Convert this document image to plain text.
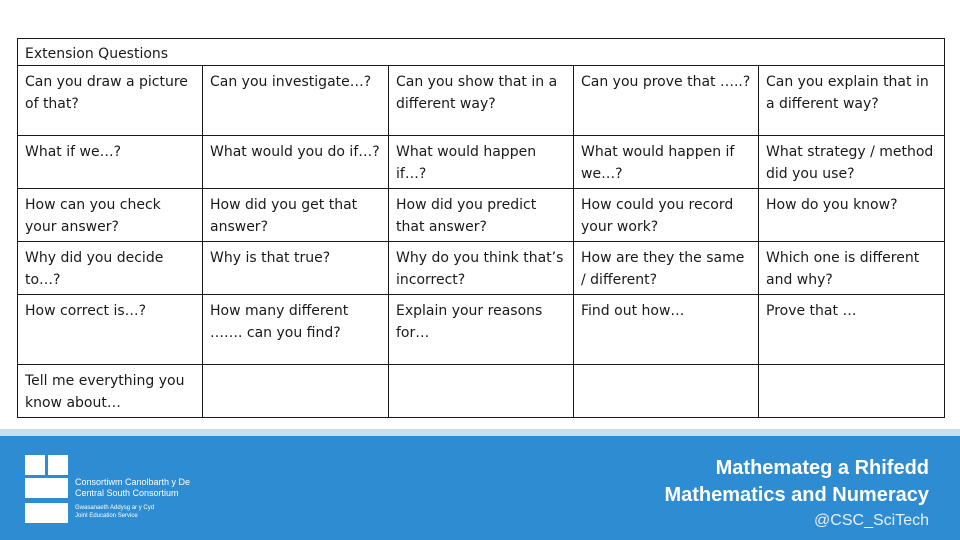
Extension Questions				
Can you draw a picture of that?	Can you investigate…?	Can you show that in a different way?	Can you prove that …..?	Can you explain that in a different way?
What if we…?	What would you do if…?	What would happen if…?	What would happen if we…?	What strategy / method did you use?
How can you check your answer?	How did you get that answer?	How did you predict that answer?	How could you record your work?	How do you know?
Why did you decide to…?	Why is that true?	Why do you think that’s incorrect?	How are they the same / different?	Which one is different and why?
How correct is…?	How many different ……. can you find?	Explain your reasons for…	Find out how…	Prove that …
Tell me everything you know about…				
Consortiwm Canolbarth y De
Central South Consortium
Gwasanaeth Addysg ar y Cyd
Joint Education Service
Mathemateg a Rhifedd
Mathematics and Numeracy
@CSC_SciTech
